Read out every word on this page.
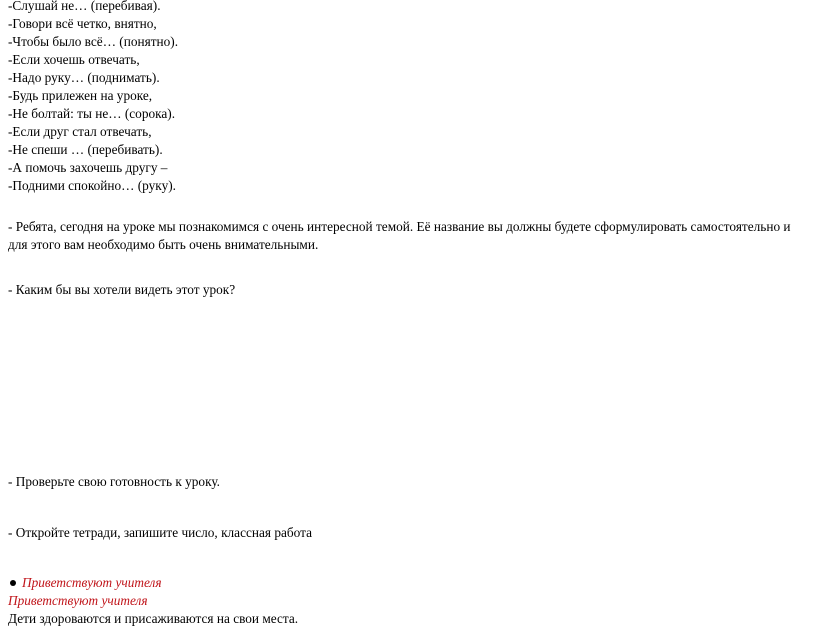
-Слушай не… (перебивая).
-Говори всё четко, внятно,
-Чтобы было всё… (понятно).
-Если хочешь отвечать,
-Надо руку… (поднимать).
-Будь прилежен на уроке,
-Не болтай: ты не… (сорока).
-Если друг стал отвечать,
-Не спеши … (перебивать).
-А помочь захочешь другу –
-Подними спокойно… (руку).
- Ребята, сегодня на уроке мы познакомимся с очень интересной темой. Её название вы должны будете сформулировать самостоятельно и для этого вам необходимо быть очень внимательными.
- Каким бы вы хотели видеть этот урок?
- Проверьте свою готовность к уроку.
- Откройте тетради, запишите число, классная работа
Приветствуют учителя
Приветствуют учителя
Дети здороваются и присаживаются на свои места.
